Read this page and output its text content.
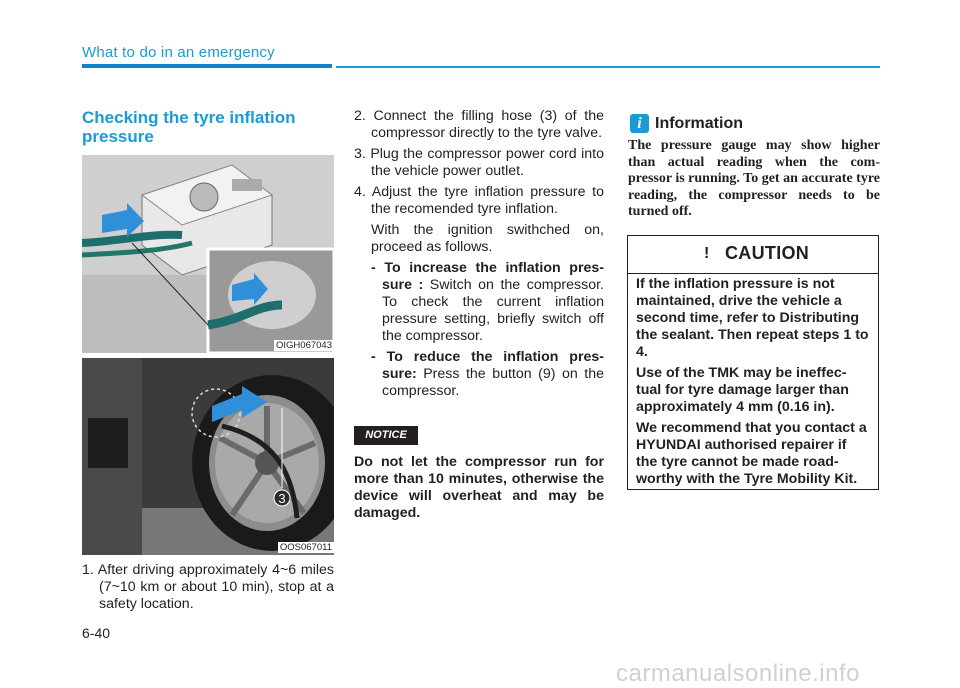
What to do in an emergency
Checking the tyre inflation
pressure
OIGH067043
3
OOS067011

1. After driving approximately 4~6 miles (7~10 km or about 10 min), stop at a safety location.

2. Connect the filling hose (3) of the compressor directly to the tyre valve.

3. Plug the compressor power cord into the vehicle power outlet.

4. Adjust the tyre inflation pressure to the recomended tyre inflation.

With the ignition swithched on, proceed as follows.

- To increase the inflation pres- sure : Switch on the compressor. To check the current inflation pressure setting, briefly switch off the compressor.

- To reduce the inflation pres- sure: Press the button (9) on the compressor.

NOTICE
Do not let the compressor run for more than 10 minutes, otherwise the device will overheat and may be damaged.
i Information
The pressure gauge may show higher than actual reading when the com- pressor is running. To get an accurate tyre reading, the compressor needs to be turned off.
! CAUTION

If the inflation pressure is not maintained, drive the vehicle a second time, refer to Distributing the sealant. Then repeat steps 1 to 4.

Use of the TMK may be ineffec- tual for tyre damage larger than approximately 4 mm (0.16 in).

We recommend that you contact a HYUNDAI authorised repairer if the tyre cannot be made road- worthy with the Tyre Mobility Kit.

6-40
carmanualsonline.info
